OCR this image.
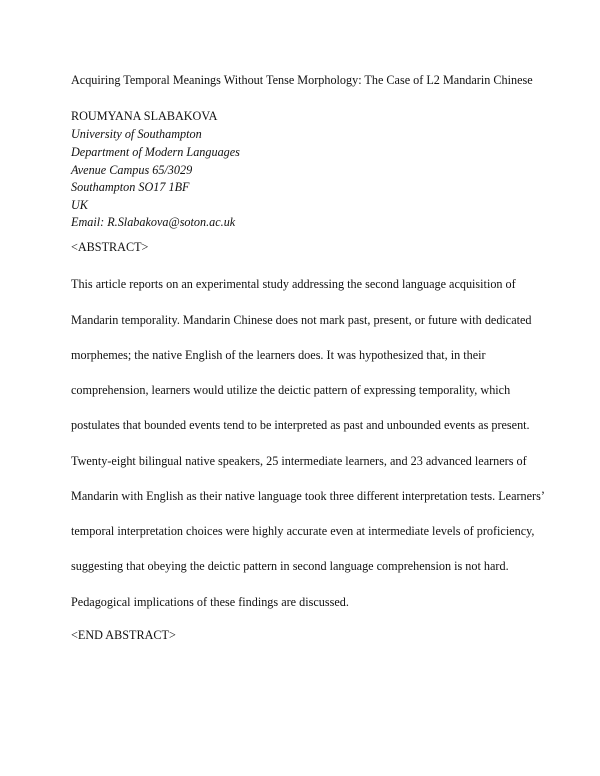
Acquiring Temporal Meanings Without Tense Morphology: The Case of L2 Mandarin Chinese
ROUMYANA SLABAKOVA
University of Southampton
Department of Modern Languages
Avenue Campus 65/3029
Southampton SO17 1BF
UK
Email: R.Slabakova@soton.ac.uk
<ABSTRACT>
This article reports on an experimental study addressing the second language acquisition of
Mandarin temporality. Mandarin Chinese does not mark past, present, or future with dedicated
morphemes; the native English of the learners does. It was hypothesized that, in their
comprehension, learners would utilize the deictic pattern of expressing temporality, which
postulates that bounded events tend to be interpreted as past and unbounded events as present.
Twenty-eight bilingual native speakers, 25 intermediate learners, and 23 advanced learners of
Mandarin with English as their native language took three different interpretation tests. Learners’
temporal interpretation choices were highly accurate even at intermediate levels of proficiency,
suggesting that obeying the deictic pattern in second language comprehension is not hard.
Pedagogical implications of these findings are discussed.
<END ABSTRACT>
